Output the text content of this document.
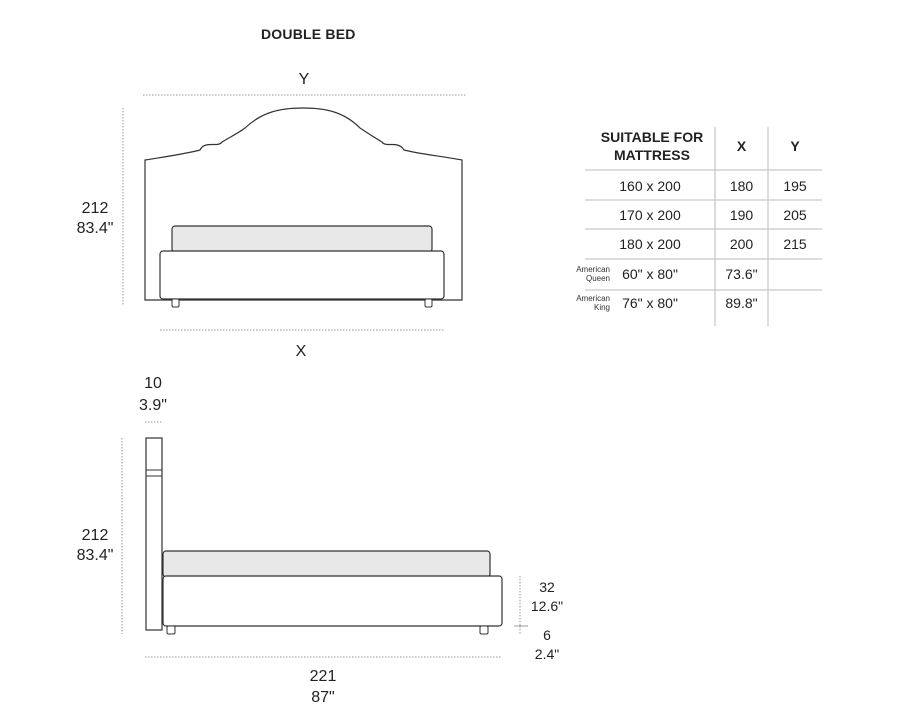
DOUBLE BED
Y
X
212
83.4"
10
3.9"
212
83.4"
32
12.6"
6
2.4"
221
87"
SUITABLE FOR
MATTRESS
X	Y
160 x 200	180	195
170 x 200	190	205
180 x 200	200	215
American
Queen 60" x 80"	73.6"
American
King 76" x 80"	89.8"
